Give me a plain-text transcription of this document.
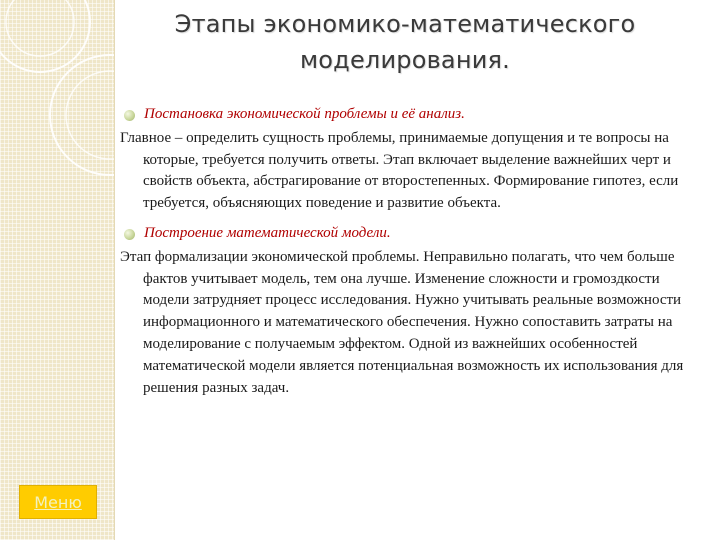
Этапы экономико-математического
моделирования.
Постановка экономической проблемы и её анализ.

Главное – определить сущность проблемы, принимаемые допущения и те вопросы на которые, требуется получить ответы. Этап включает выделение важнейших черт и свойств объекта, абстрагирование от второстепенных. Формирование гипотез, если требуется, объясняющих поведение и развитие объекта.

Построение математической модели.

Этап формализации экономической проблемы. Неправильно полагать, что чем больше фактов учитывает модель, тем она лучше. Изменение сложности и громоздкости модели затрудняет процесс исследования. Нужно учитывать реальные возможности информационного и математического обеспечения. Нужно сопоставить затраты на моделирование с получаемым эффектом. Одной из важнейших особенностей математической модели является потенциальная возможность их использования для решения разных задач.

Меню
